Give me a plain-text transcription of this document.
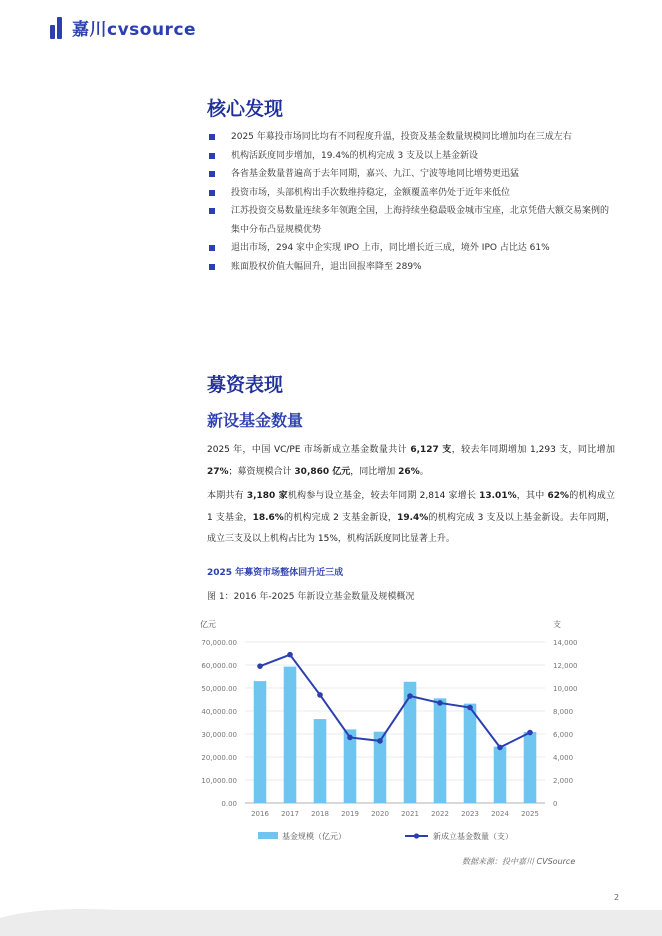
嘉川cvsource
核心发现
2025 年募投市场同比均有不同程度升温，投资及基金数量规模同比增加均在三成左右
机构活跃度同步增加，19.4%的机构完成 3 支及以上基金新设
各省基金数量普遍高于去年同期，嘉兴、九江、宁波等地同比增势更迅猛
投资市场，头部机构出手次数维持稳定，金额覆盖率仍处于近年来低位
江苏投资交易数量连续多年领跑全国，上海持续坐稳最吸金城市宝座，北京凭借大额交易案例的集中分布凸显规模优势
退出市场，294 家中企实现 IPO 上市，同比增长近三成，境外 IPO 占比达 61%
账面股权价值大幅回升，退出回报率降至 289%
募资表现
新设基金数量
2025 年，中国 VC/PE 市场新成立基金数量共计 6,127 支，较去年同期增加 1,293 支，同比增加 27%；募资规模合计 30,860 亿元，同比增加 26%。
本期共有 3,180 家机构参与设立基金，较去年同期 2,814 家增长 13.01%，其中 62%的机构成立 1 支基金，18.6%的机构完成 2 支基金新设，19.4%的机构完成 3 支及以上基金新设。去年同期，成立三支及以上机构占比为 15%，机构活跃度同比显著上升。
2025 年募资市场整体回升近三成
图 1：2016 年-2025 年新设立基金数量及规模概况
亿元	支
0.00
10,000.00
20,000.00
30,000.00
40,000.00
50,000.00
60,000.00
70,000.00
0
2,000
4,000
6,000
8,000
10,000
12,000
14,000
2016 2017 2018 2019 2020 2021 2022 2023 2024 2025
基金规模（亿元）	新成立基金数量（支）
数据来源：投中嘉川 CVSource
2
